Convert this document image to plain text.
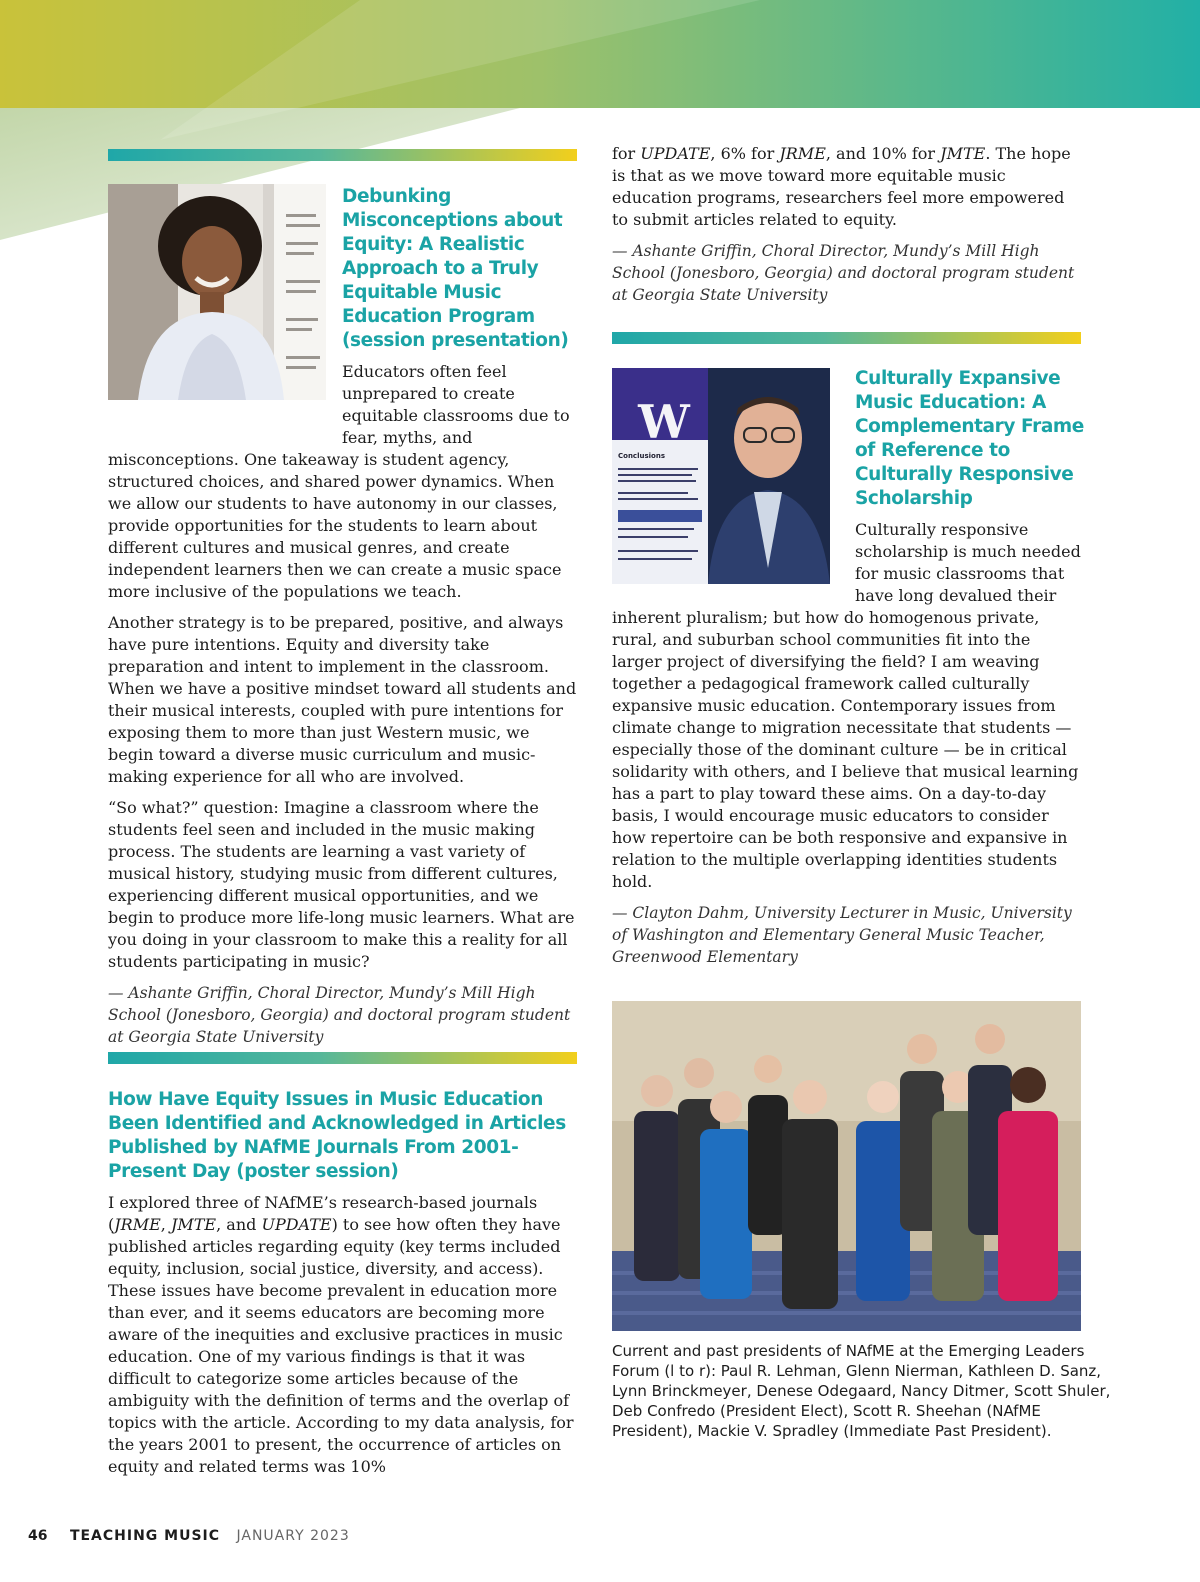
Debunking Misconceptions about Equity: A Realistic Approach to a Truly Equitable Music Education Program (session presentation)

Educators often feel unprepared to create equitable classrooms due to fear, myths, and misconceptions. One takeaway is student agency, structured choices, and shared power dynamics. When we allow our students to have autonomy in our classes, provide opportunities for the students to learn about different cultures and musical genres, and create independent learners then we can create a music space more inclusive of the populations we teach.

Another strategy is to be prepared, positive, and always have pure intentions. Equity and diversity take preparation and intent to implement in the classroom. When we have a positive mindset toward all students and their musical interests, coupled with pure intentions for exposing them to more than just Western music, we begin toward a diverse music curriculum and music-making experience for all who are involved.

“So what?” question: Imagine a classroom where the students feel seen and included in the music making process. The students are learning a vast variety of musical history, studying music from different cultures, experiencing different musical opportunities, and we begin to produce more life-long music learners. What are you doing in your classroom to make this a reality for all students participating in music?

— Ashante Griffin, Choral Director, Mundy’s Mill High School (Jonesboro, Georgia) and doctoral program student at Georgia State University

How Have Equity Issues in Music Education Been Identified and Acknowledged in Articles Published by NAfME Journals From 2001- Present Day (poster session)

I explored three of NAfME’s research-based journals (JRME, JMTE, and UPDATE) to see how often they have published articles regarding equity (key terms included equity, inclusion, social justice, diversity, and access). These issues have become prevalent in education more than ever, and it seems educators are becoming more aware of the inequities and exclusive practices in music education. One of my various findings is that it was difficult to categorize some articles because of the ambiguity with the definition of terms and the overlap of topics with the article. According to my data analysis, for the years 2001 to present, the occurrence of articles on equity and related terms was 10%

for UPDATE, 6% for JRME, and 10% for JMTE. The hope is that as we move toward more equitable music education programs, researchers feel more empowered to submit articles related to equity.

— Ashante Griffin, Choral Director, Mundy’s Mill High School (Jonesboro, Georgia) and doctoral program student at Georgia State University

W
Conclusions
Culturally Expansive Music Education: A Complementary Frame of Reference to Culturally Responsive Scholarship

Culturally responsive scholarship is much needed for music classrooms that have long devalued their inherent pluralism; but how do homogenous private, rural, and suburban school communities fit into the larger project of diversifying the field? I am weaving together a pedagogical framework called culturally expansive music education. Contemporary issues from climate change to migration necessitate that students — especially those of the dominant culture — be in critical solidarity with others, and I believe that musical learning has a part to play toward these aims. On a day-to-day basis, I would encourage music educators to consider how repertoire can be both responsive and expansive in relation to the multiple overlapping identities students hold.

— Clayton Dahm, University Lecturer in Music, University of Washington and Elementary General Music Teacher, Greenwood Elementary

Current and past presidents of NAfME at the Emerging Leaders Forum (l to r): Paul R. Lehman, Glenn Nierman, Kathleen D. Sanz, Lynn Brinckmeyer, Denese Odegaard, Nancy Ditmer, Scott Shuler, Deb Confredo (President Elect), Scott R. Sheehan (NAfME President), Mackie V. Spradley (Immediate Past President).

46 TEACHING MUSIC JANUARY 2023
